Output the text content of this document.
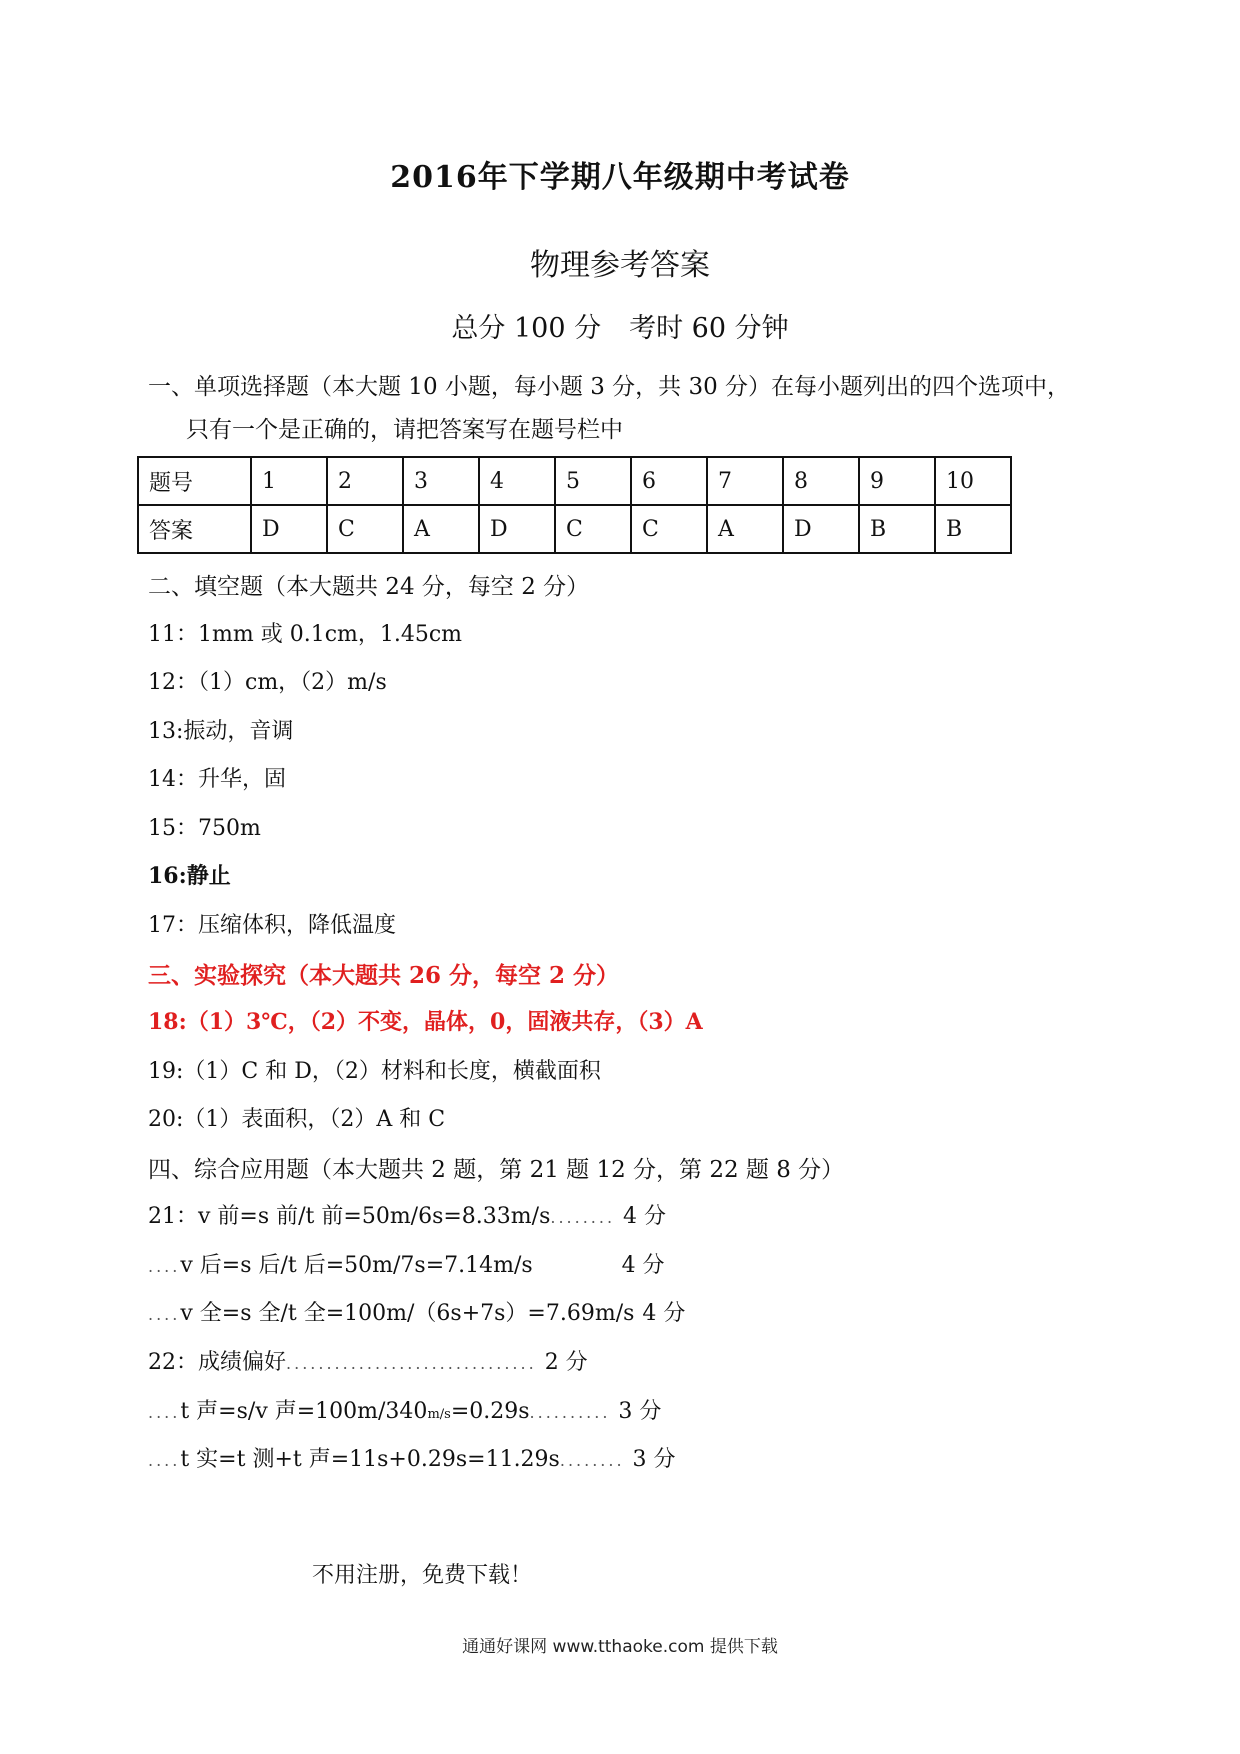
2016年下学期八年级期中考试卷
物理参考答案
总分 100 分 考时 60 分钟
一、单项选择题（本大题 10 小题，每小题 3 分，共 30 分）在每小题列出的四个选项中，
只有一个是正确的，请把答案写在题号栏中
题号	1	2	3	4	5	6	7	8	9	10
答案	D	C	A	D	C	C	A	D	B	B
二、填空题（本大题共 24 分，每空 2 分）
11：1mm 或 0.1cm，1.45cm
12：（1）cm，（2）m/s
13:振动，音调
14：升华，固
15：750m
16:静止
17：压缩体积，降低温度
三、实验探究（本大题共 26 分，每空 2 分）
18:（1）3℃，（2）不变，晶体，0，固液共存，（3）A
19:（1）C 和 D，（2）材料和长度，横截面积
20:（1）表面积，（2）A 和 C
四、综合应用题（本大题共 2 题，第 21 题 12 分，第 22 题 8 分）
21：v 前=s 前/t 前=50m/6s=8.33m/s........ 4 分
....v 后=s 后/t 后=50m/7s=7.14m/s	4 分
....v 全=s 全/t 全=100m/（6s+7s）=7.69m/s 4 分
22：成绩偏好............................... 2 分
....t 声=s/v 声=100m/340m/s=0.29s.......... 3 分
....t 实=t 测+t 声=11s+0.29s=11.29s........ 3 分
不用注册，免费下载！
通通好课网 www.tthaoke.com 提供下载
